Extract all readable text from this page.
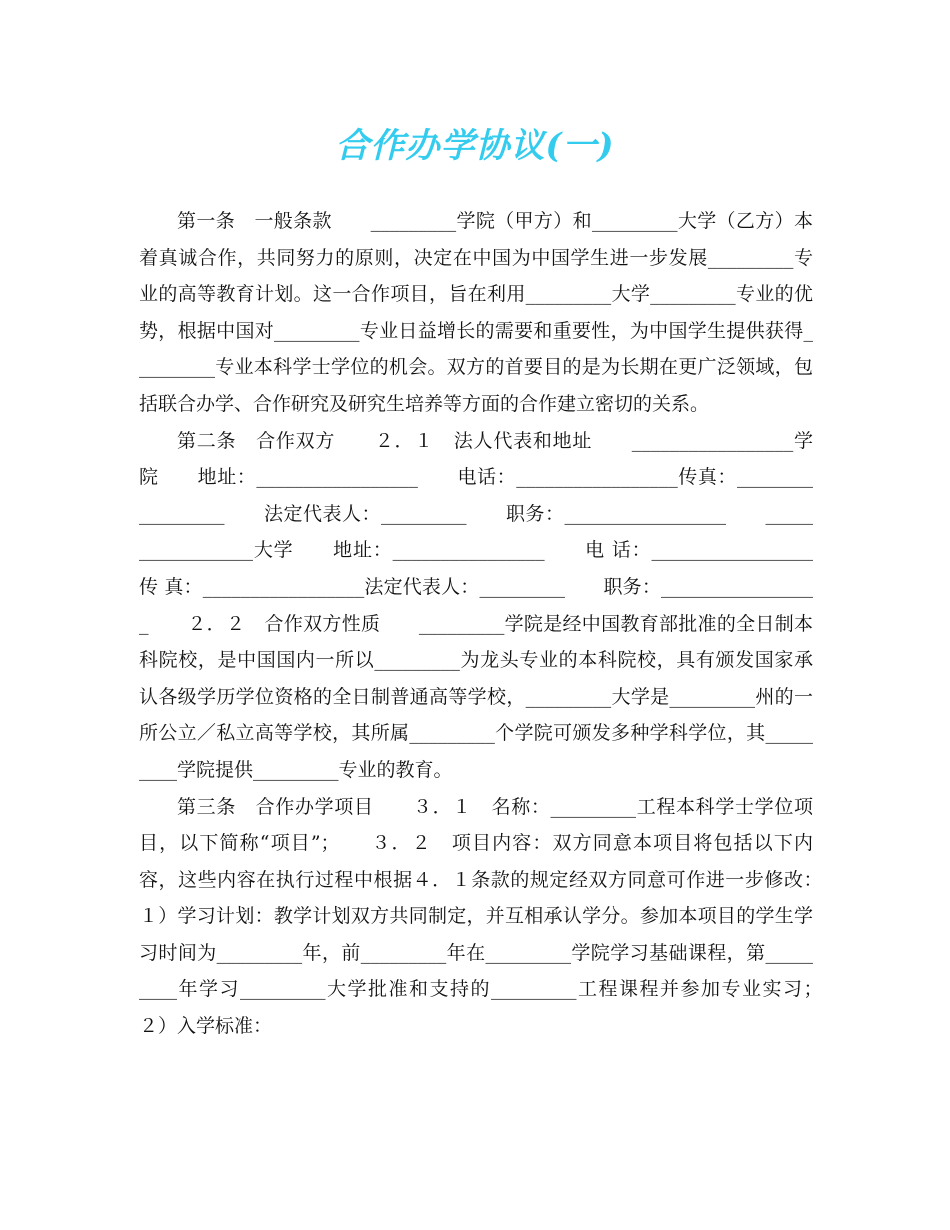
合作办学协议(一)

第一条　一般条款　　_________学院（甲方）和_________大学（乙方）本着真诚合作，共同努力的原则，决定在中国为中国学生进一步发展_________专业的高等教育计划。这一合作项目，旨在利用_________大学_________专业的优势，根据中国对_________专业日益增长的需要和重要性，为中国学生提供获得_________专业本科学士学位的机会。双方的首要目的是为长期在更广泛领域，包括联合办学、合作研究及研究生培养等方面的合作建立密切的关系。

第二条　合作双方　　２．１　法人代表和地址　　_________________学院　　地址：_________________　　电话：_________________传真：_________________　　法定代表人：_________　　职务：_________________　　_________________大学　　地址：________________　　电 话：_________________　　传 真：_________________法定代表人：_________　　职务：_________________　　２．２　合作双方性质　　_________学院是经中国教育部批准的全日制本科院校，是中国国内一所以_________为龙头专业的本科院校，具有颁发国家承认各级学历学位资格的全日制普通高等学校，_________大学是_________州的一所公立／私立高等学校，其所属_________个学院可颁发多种学科学位，其_________学院提供_________专业的教育。

第三条　合作办学项目　　３．１　名称：_________工程本科学士学位项目，以下简称“项目”；　　３．２　项目内容：双方同意本项目将包括以下内容，这些内容在执行过程中根据４．１条款的规定经双方同意可作进一步修改：　　１）学习计划：教学计划双方共同制定，并互相承认学分。参加本项目的学生学习时间为_________年，前_________年在_________学院学习基础课程，第_________年学习_________大学批准和支持的_________工程课程并参加专业实习；　　２）入学标准：
